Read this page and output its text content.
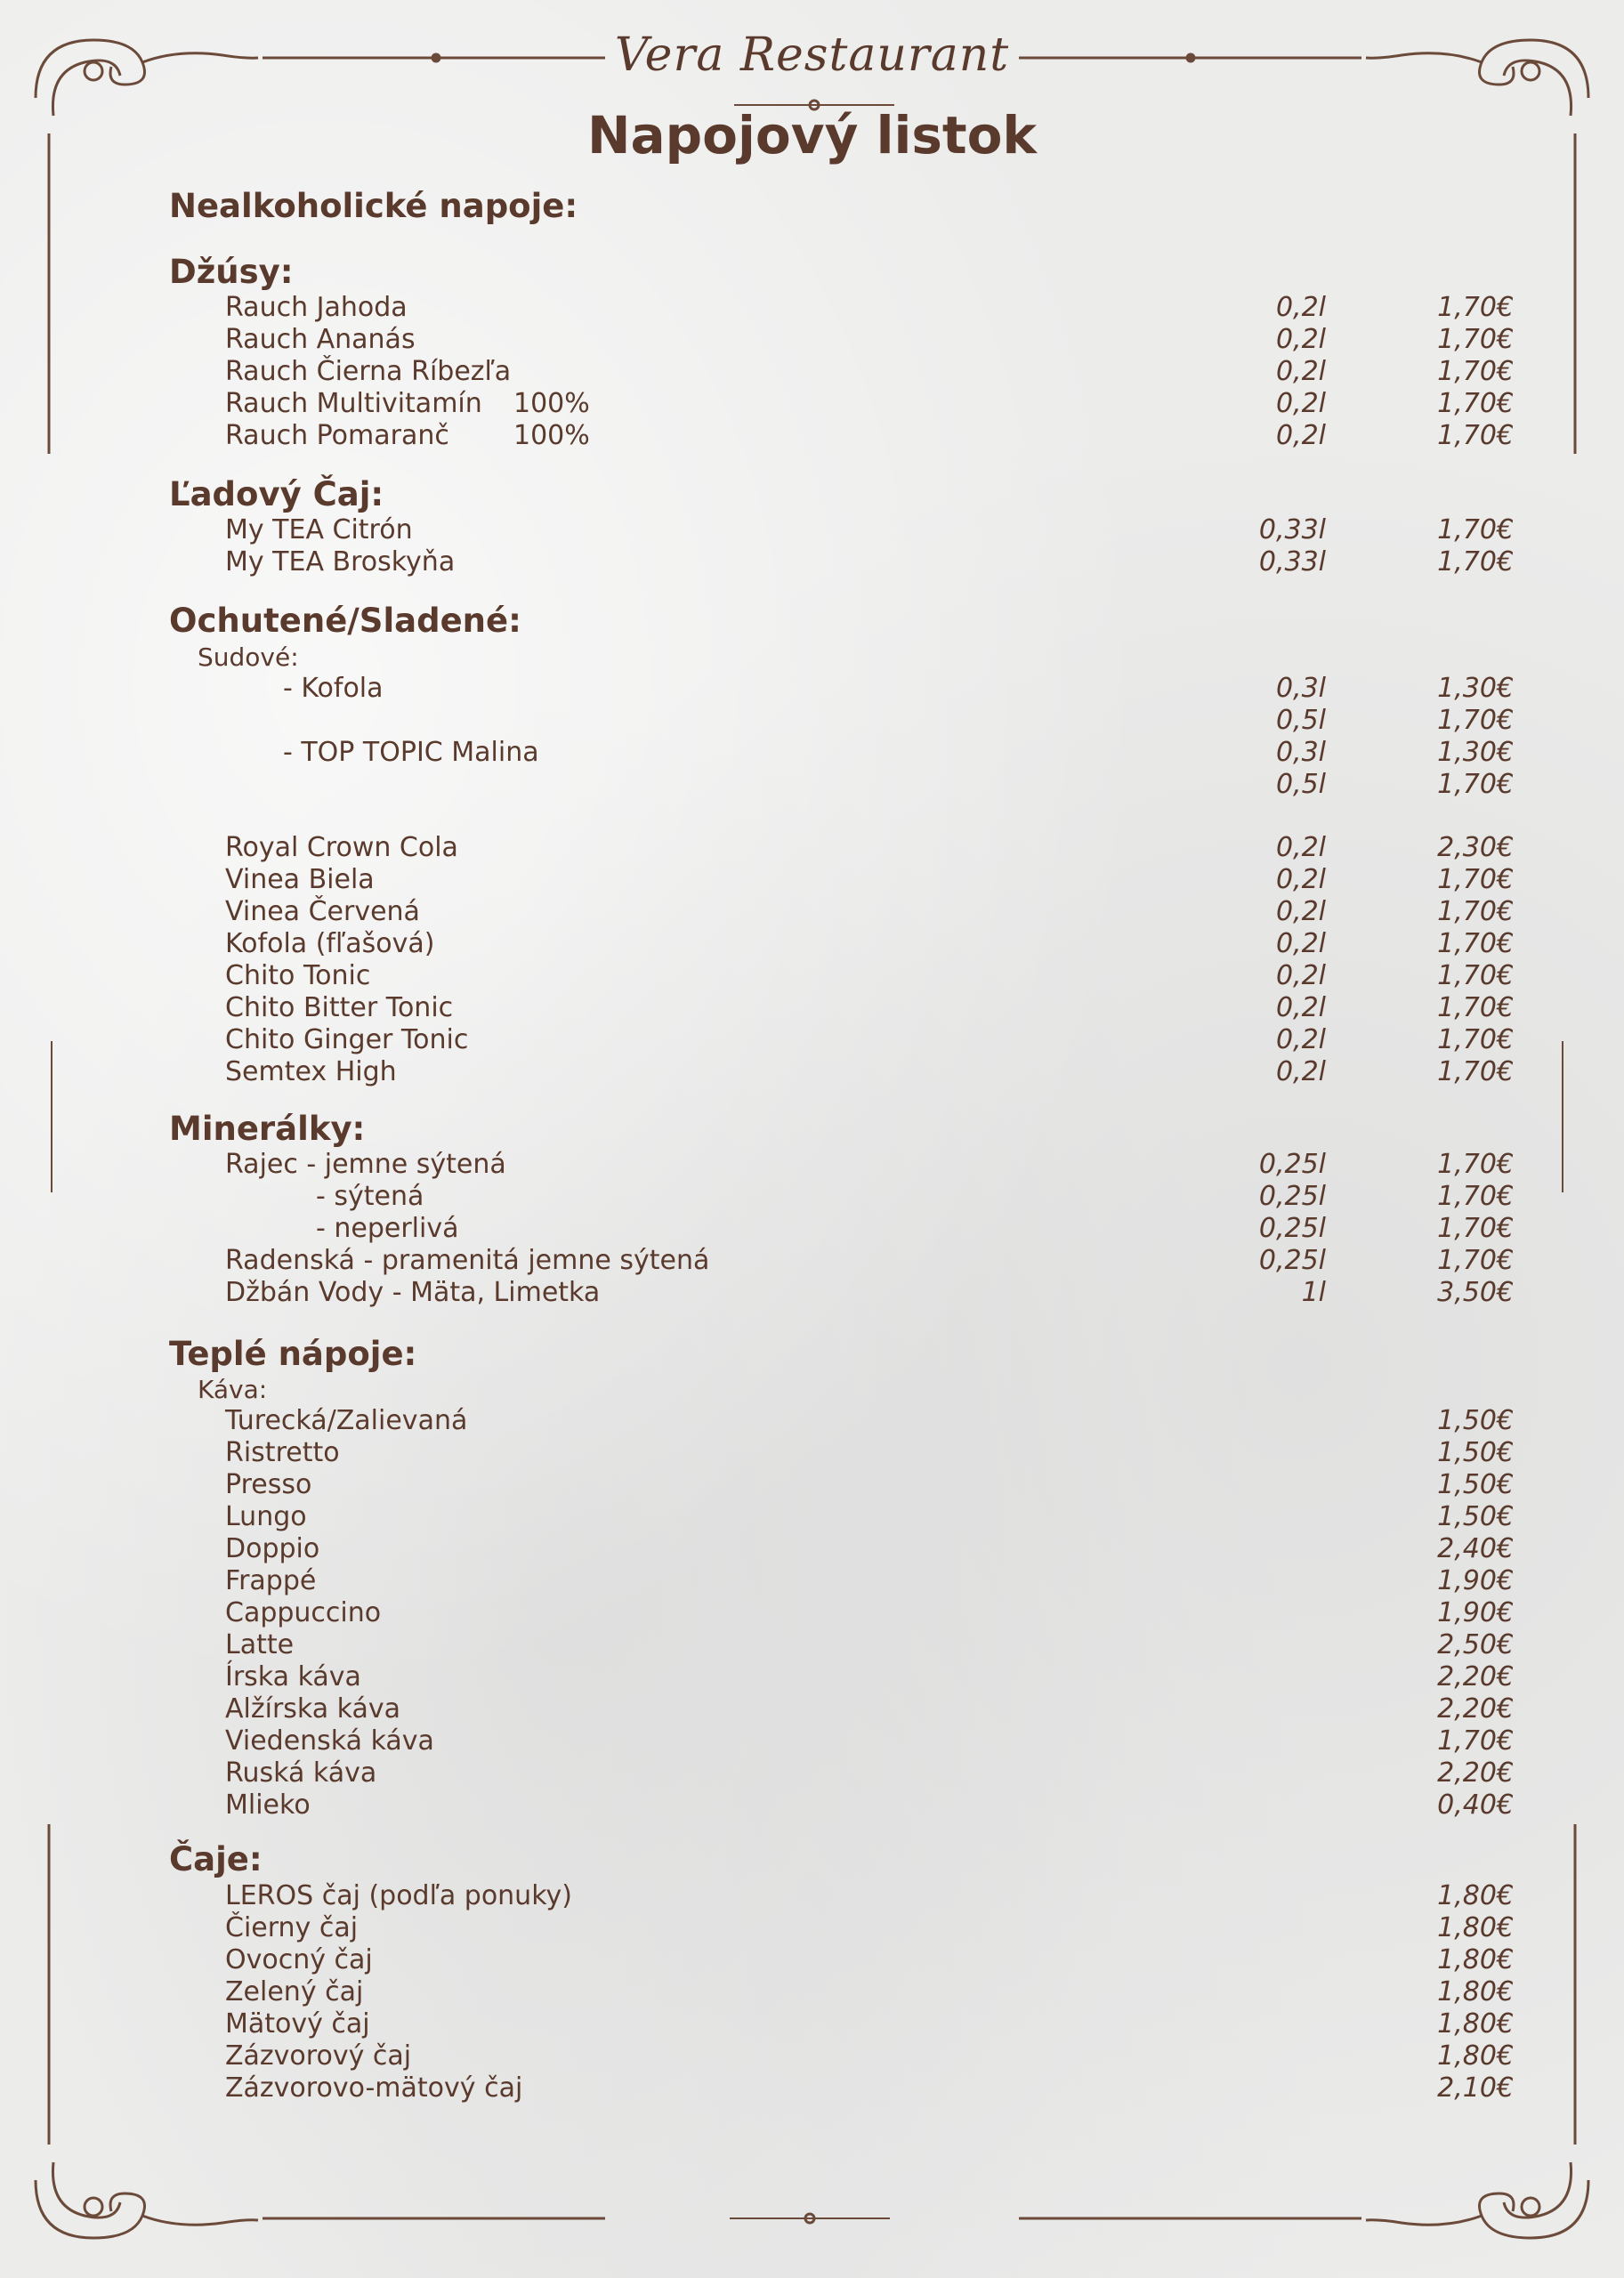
Vera Restaurant
Napojový listok
Nealkoholické napoje:
Džúsy:
Rauch Jahoda	0,2l	1,70€
Rauch Ananás	0,2l	1,70€
Rauch Čierna Ríbezľa	0,2l	1,70€
Rauch Multivitamín 100%	0,2l	1,70€
Rauch Pomaranč 100%	0,2l	1,70€
Ľadový Čaj:
My TEA Citrón	0,33l	1,70€
My TEA Broskyňa	0,33l	1,70€
Ochutené/Sladené:
Sudové:
- Kofola	0,3l	1,30€
0,5l	1,70€
- TOP TOPIC Malina	0,3l	1,30€
0,5l	1,70€
Royal Crown Cola	0,2l	2,30€
Vinea Biela	0,2l	1,70€
Vinea Červená	0,2l	1,70€
Kofola (fľašová)	0,2l	1,70€
Chito Tonic	0,2l	1,70€
Chito Bitter Tonic	0,2l	1,70€
Chito Ginger Tonic	0,2l	1,70€
Semtex High	0,2l	1,70€
Minerálky:
Rajec - jemne sýtená	0,25l	1,70€
- sýtená	0,25l	1,70€
- neperlivá	0,25l	1,70€
Radenská - pramenitá jemne sýtená	0,25l	1,70€
Džbán Vody - Mäta, Limetka	1l	3,50€
Teplé nápoje:
Káva:
Turecká/Zalievaná	1,50€
Ristretto	1,50€
Presso	1,50€
Lungo	1,50€
Doppio	2,40€
Frappé	1,90€
Cappuccino	1,90€
Latte	2,50€
Írska káva	2,20€
Alžírska káva	2,20€
Viedenská káva	1,70€
Ruská káva	2,20€
Mlieko	0,40€
Čaje:
LEROS čaj (podľa ponuky)	1,80€
Čierny čaj	1,80€
Ovocný čaj	1,80€
Zelený čaj	1,80€
Mätový čaj	1,80€
Zázvorový čaj	1,80€
Zázvorovo-mätový čaj	2,10€
